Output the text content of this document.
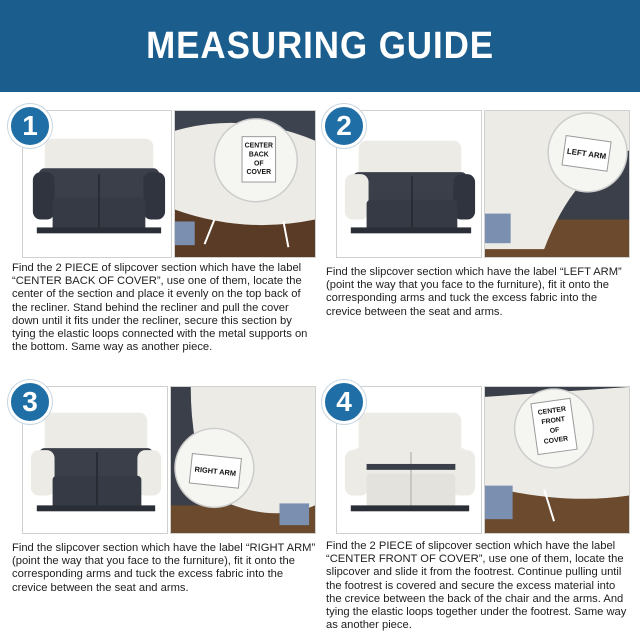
MEASURING GUIDE
1
CENTER
BACK
OF
COVER

Find the 2 PIECE of slipcover section which have the label “CENTER BACK OF COVER”, use one of them, locate the center of the section and place it evenly on the top back of the recliner. Stand behind the recliner and pull the cover down until it fits under the recliner, secure this section by tying the elastic loops connected with the metal supports on the bottom. Same way as another piece.

2
LEFT ARM

Find the slipcover section which have the label “LEFT ARM” (point the way that you face to the furniture), fit it onto the corresponding arms and tuck the excess fabric into the crevice between the seat and arms.

3
RIGHT ARM

Find the slipcover section which have the label “RIGHT ARM” (point the way that you face to the furniture), fit it onto the corresponding arms and tuck the excess fabric into the crevice between the seat and arms.

4	CENTER
FRONT
OF
COVER

Find the 2 PIECE of slipcover section which have the label “CENTER FRONT OF COVER”, use one of them, locate the slipcover and slide it from the footrest. Continue pulling until the footrest is covered and secure the excess material into the crevice between the back of the chair and the arms. And tying the elastic loops together under the footrest. Same way as another piece.
